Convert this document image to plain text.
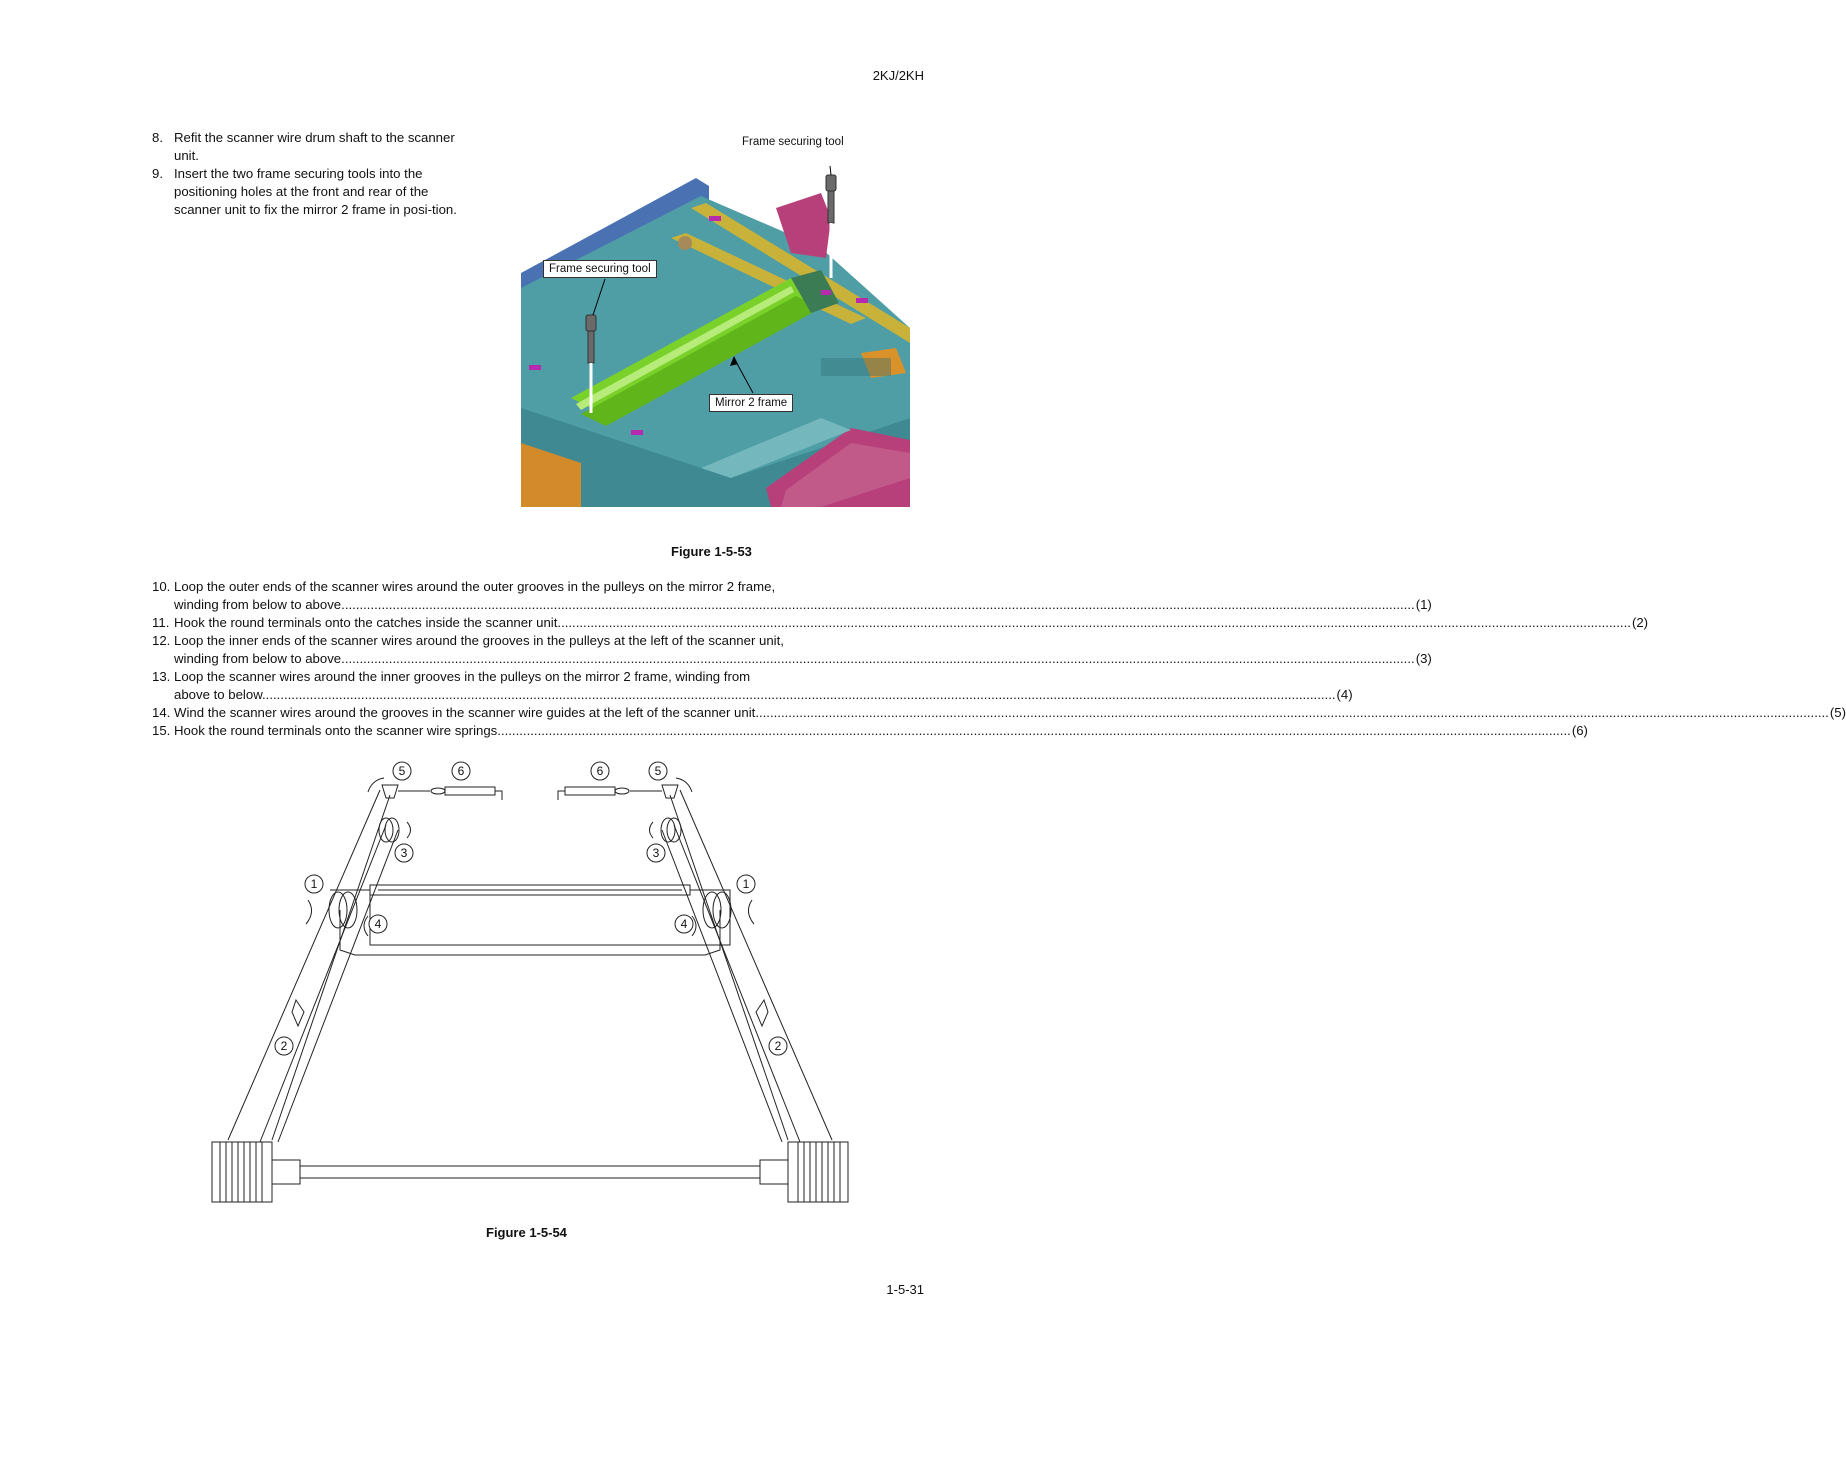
2KJ/2KH
8. Refit the scanner wire drum shaft to the scanner unit.
9. Insert the two frame securing tools into the positioning holes at the front and rear of the scanner unit to fix the mirror 2 frame in posi-tion.
Frame securing tool
Frame securing tool
Mirror 2 frame
Figure 1-5-53
10. Loop the outer ends of the scanner wires around the outer grooves in the pulleys on the mirror 2 frame,
winding from below to above. .....	(1)
11. Hook the round terminals onto the catches inside the scanner unit. .....	(2)
12. Loop the inner ends of the scanner wires around the grooves in the pulleys at the left of the scanner unit,
winding from below to above. .....	(3)
13. Loop the scanner wires around the inner grooves in the pulleys on the mirror 2 frame, winding from
above to below. .....	(4)
14. Wind the scanner wires around the grooves in the scanner wire guides at the left of the scanner unit. .....	(5)
15. Hook the round terminals onto the scanner wire springs. .....	(6)
5	6	6	5
3	3
1	1
4	4
2	2
Figure 1-5-54
1-5-31
